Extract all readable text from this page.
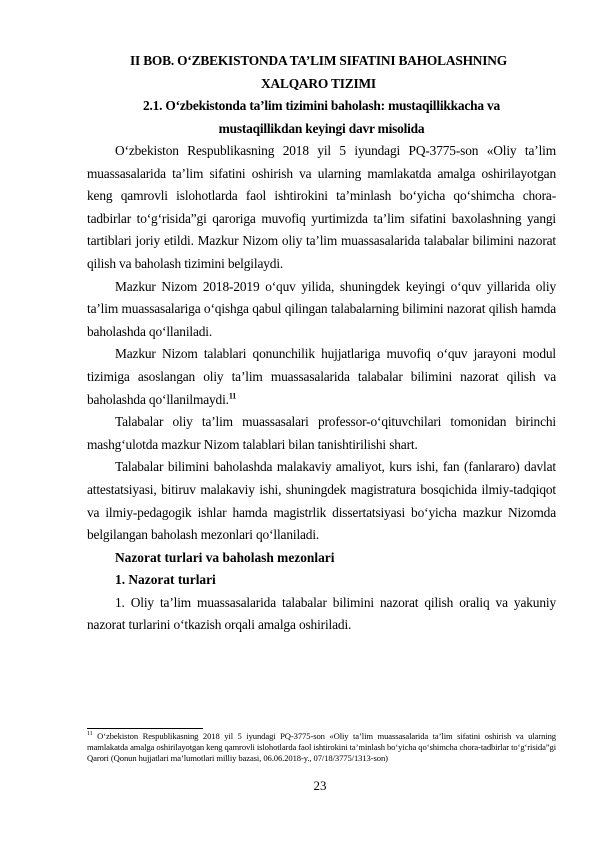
II BOB. O‘ZBEKISTONDA TA’LIM SIFATINI BAHOLASHNING XALQARO TIZIMI

2.1. O‘zbekistonda ta’lim tizimini baholash: mustaqillikkacha va mustaqillikdan keyingi davr misolida

O‘zbekiston Respublikasning 2018 yil 5 iyundagi PQ-3775-son «Oliy ta’lim muassasalarida ta’lim sifatini oshirish va ularning mamlakatda amalga oshirilayotgan keng qamrovli islohotlarda faol ishtirokini ta’minlash bo‘yicha qo‘shimcha chora-tadbirlar to‘g‘risida”gi qaroriga muvofiq yurtimizda ta’lim sifatini baxolashning yangi tartiblari joriy etildi. Mazkur Nizom oliy ta’lim muassasalarida talabalar bilimini nazorat qilish va baholash tizimini belgilaydi.

Mazkur Nizom 2018-2019 o‘quv yilida, shuningdek keyingi o‘quv yillarida oliy ta’lim muassasalariga o‘qishga qabul qilingan talabalarning bilimini nazorat qilish hamda baholashda qo‘llaniladi.

Mazkur Nizom talablari qonunchilik hujjatlariga muvofiq o‘quv jarayoni modul tizimiga asoslangan oliy ta’lim muassasalarida talabalar bilimini nazorat qilish va baholashda qo‘llanilmaydi.$^{11}$

Talabalar oliy ta’lim muassasalari professor-o‘qituvchilari tomonidan birinchi mashg‘ulotda mazkur Nizom talablari bilan tanishtirilishi shart.

Talabalar bilimini baholashda malakaviy amaliyot, kurs ishi, fan (fanlararo) davlat attestatsiyasi, bitiruv malakaviy ishi, shuningdek magistratura bosqichida ilmiy-tadqiqot va ilmiy-pedagogik ishlar hamda magistrlik dissertatsiyasi bo‘yicha mazkur Nizomda belgilangan baholash mezonlari qo‘llaniladi.

Nazorat turlari va baholash mezonlari

1. Nazorat turlari

1. Oliy ta’lim muassasalarida talabalar bilimini nazorat qilish oraliq va yakuniy nazorat turlarini o‘tkazish orqali amalga oshiriladi.

$^{11}$ O‘zbekiston Respublikasning 2018 yil 5 iyundagi PQ-3775-son «Oliy ta’lim muassasalarida ta’lim sifatini oshirish va ularning mamlakatda amalga oshirilayotgan keng qamrovli islohotlarda faol ishtirokini ta’minlash bo‘yicha qo‘shimcha chora-tadbirlar to‘g‘risida”gi Qarori (Qonun hujjatlari ma’lumotlari milliy bazasi, 06.06.2018-y., 07/18/3775/1313-son)

23
